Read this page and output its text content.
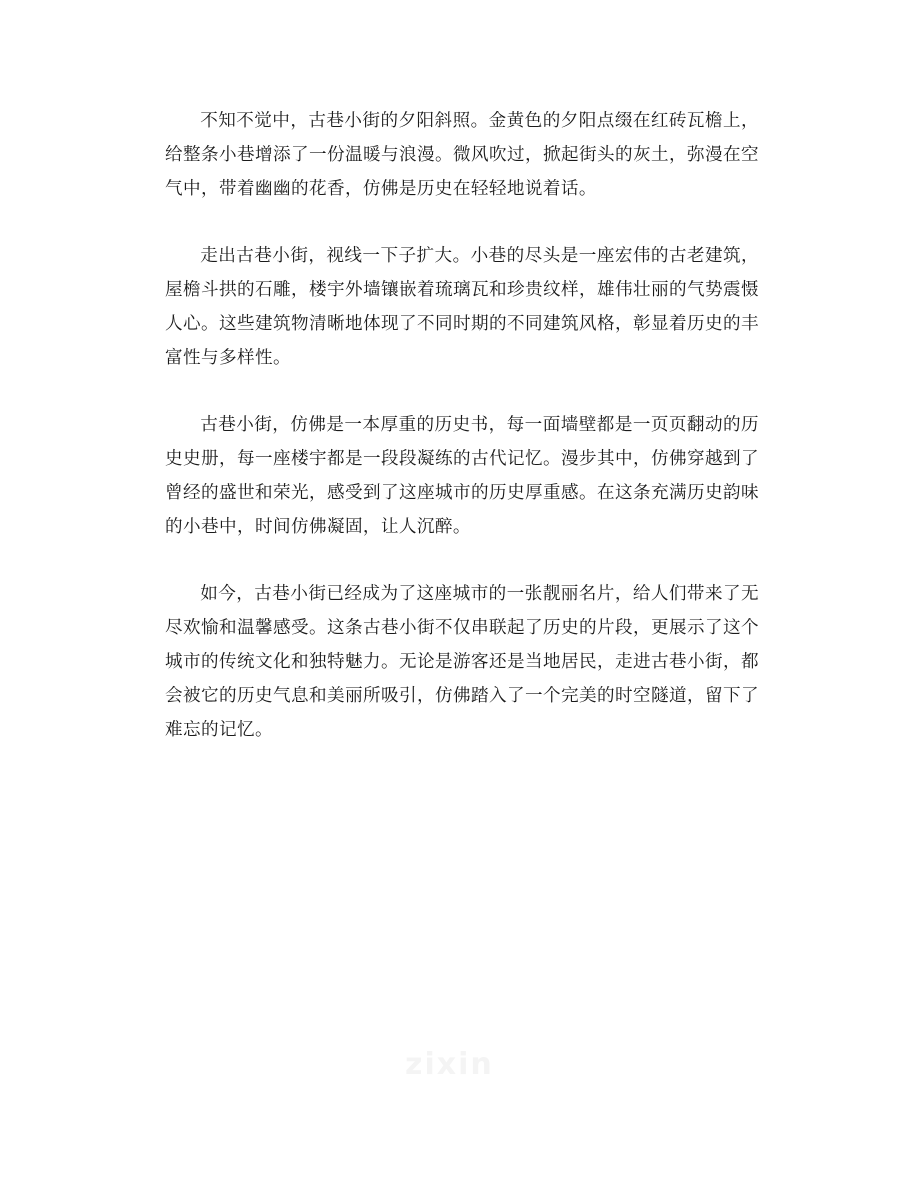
不知不觉中，古巷小街的夕阳斜照。金黄色的夕阳点缀在红砖瓦檐上，给整条小巷增添了一份温暖与浪漫。微风吹过，掀起街头的灰土，弥漫在空气中，带着幽幽的花香，仿佛是历史在轻轻地说着话。

走出古巷小街，视线一下子扩大。小巷的尽头是一座宏伟的古老建筑，屋檐斗拱的石雕，楼宇外墙镶嵌着琉璃瓦和珍贵纹样，雄伟壮丽的气势震慑人心。这些建筑物清晰地体现了不同时期的不同建筑风格，彰显着历史的丰富性与多样性。

古巷小街，仿佛是一本厚重的历史书，每一面墙壁都是一页页翻动的历史史册，每一座楼宇都是一段段凝练的古代记忆。漫步其中，仿佛穿越到了曾经的盛世和荣光，感受到了这座城市的历史厚重感。在这条充满历史韵味的小巷中，时间仿佛凝固，让人沉醉。

如今，古巷小街已经成为了这座城市的一张靓丽名片，给人们带来了无尽欢愉和温馨感受。这条古巷小街不仅串联起了历史的片段，更展示了这个城市的传统文化和独特魅力。无论是游客还是当地居民，走进古巷小街，都会被它的历史气息和美丽所吸引，仿佛踏入了一个完美的时空隧道，留下了难忘的记忆。

zixin
